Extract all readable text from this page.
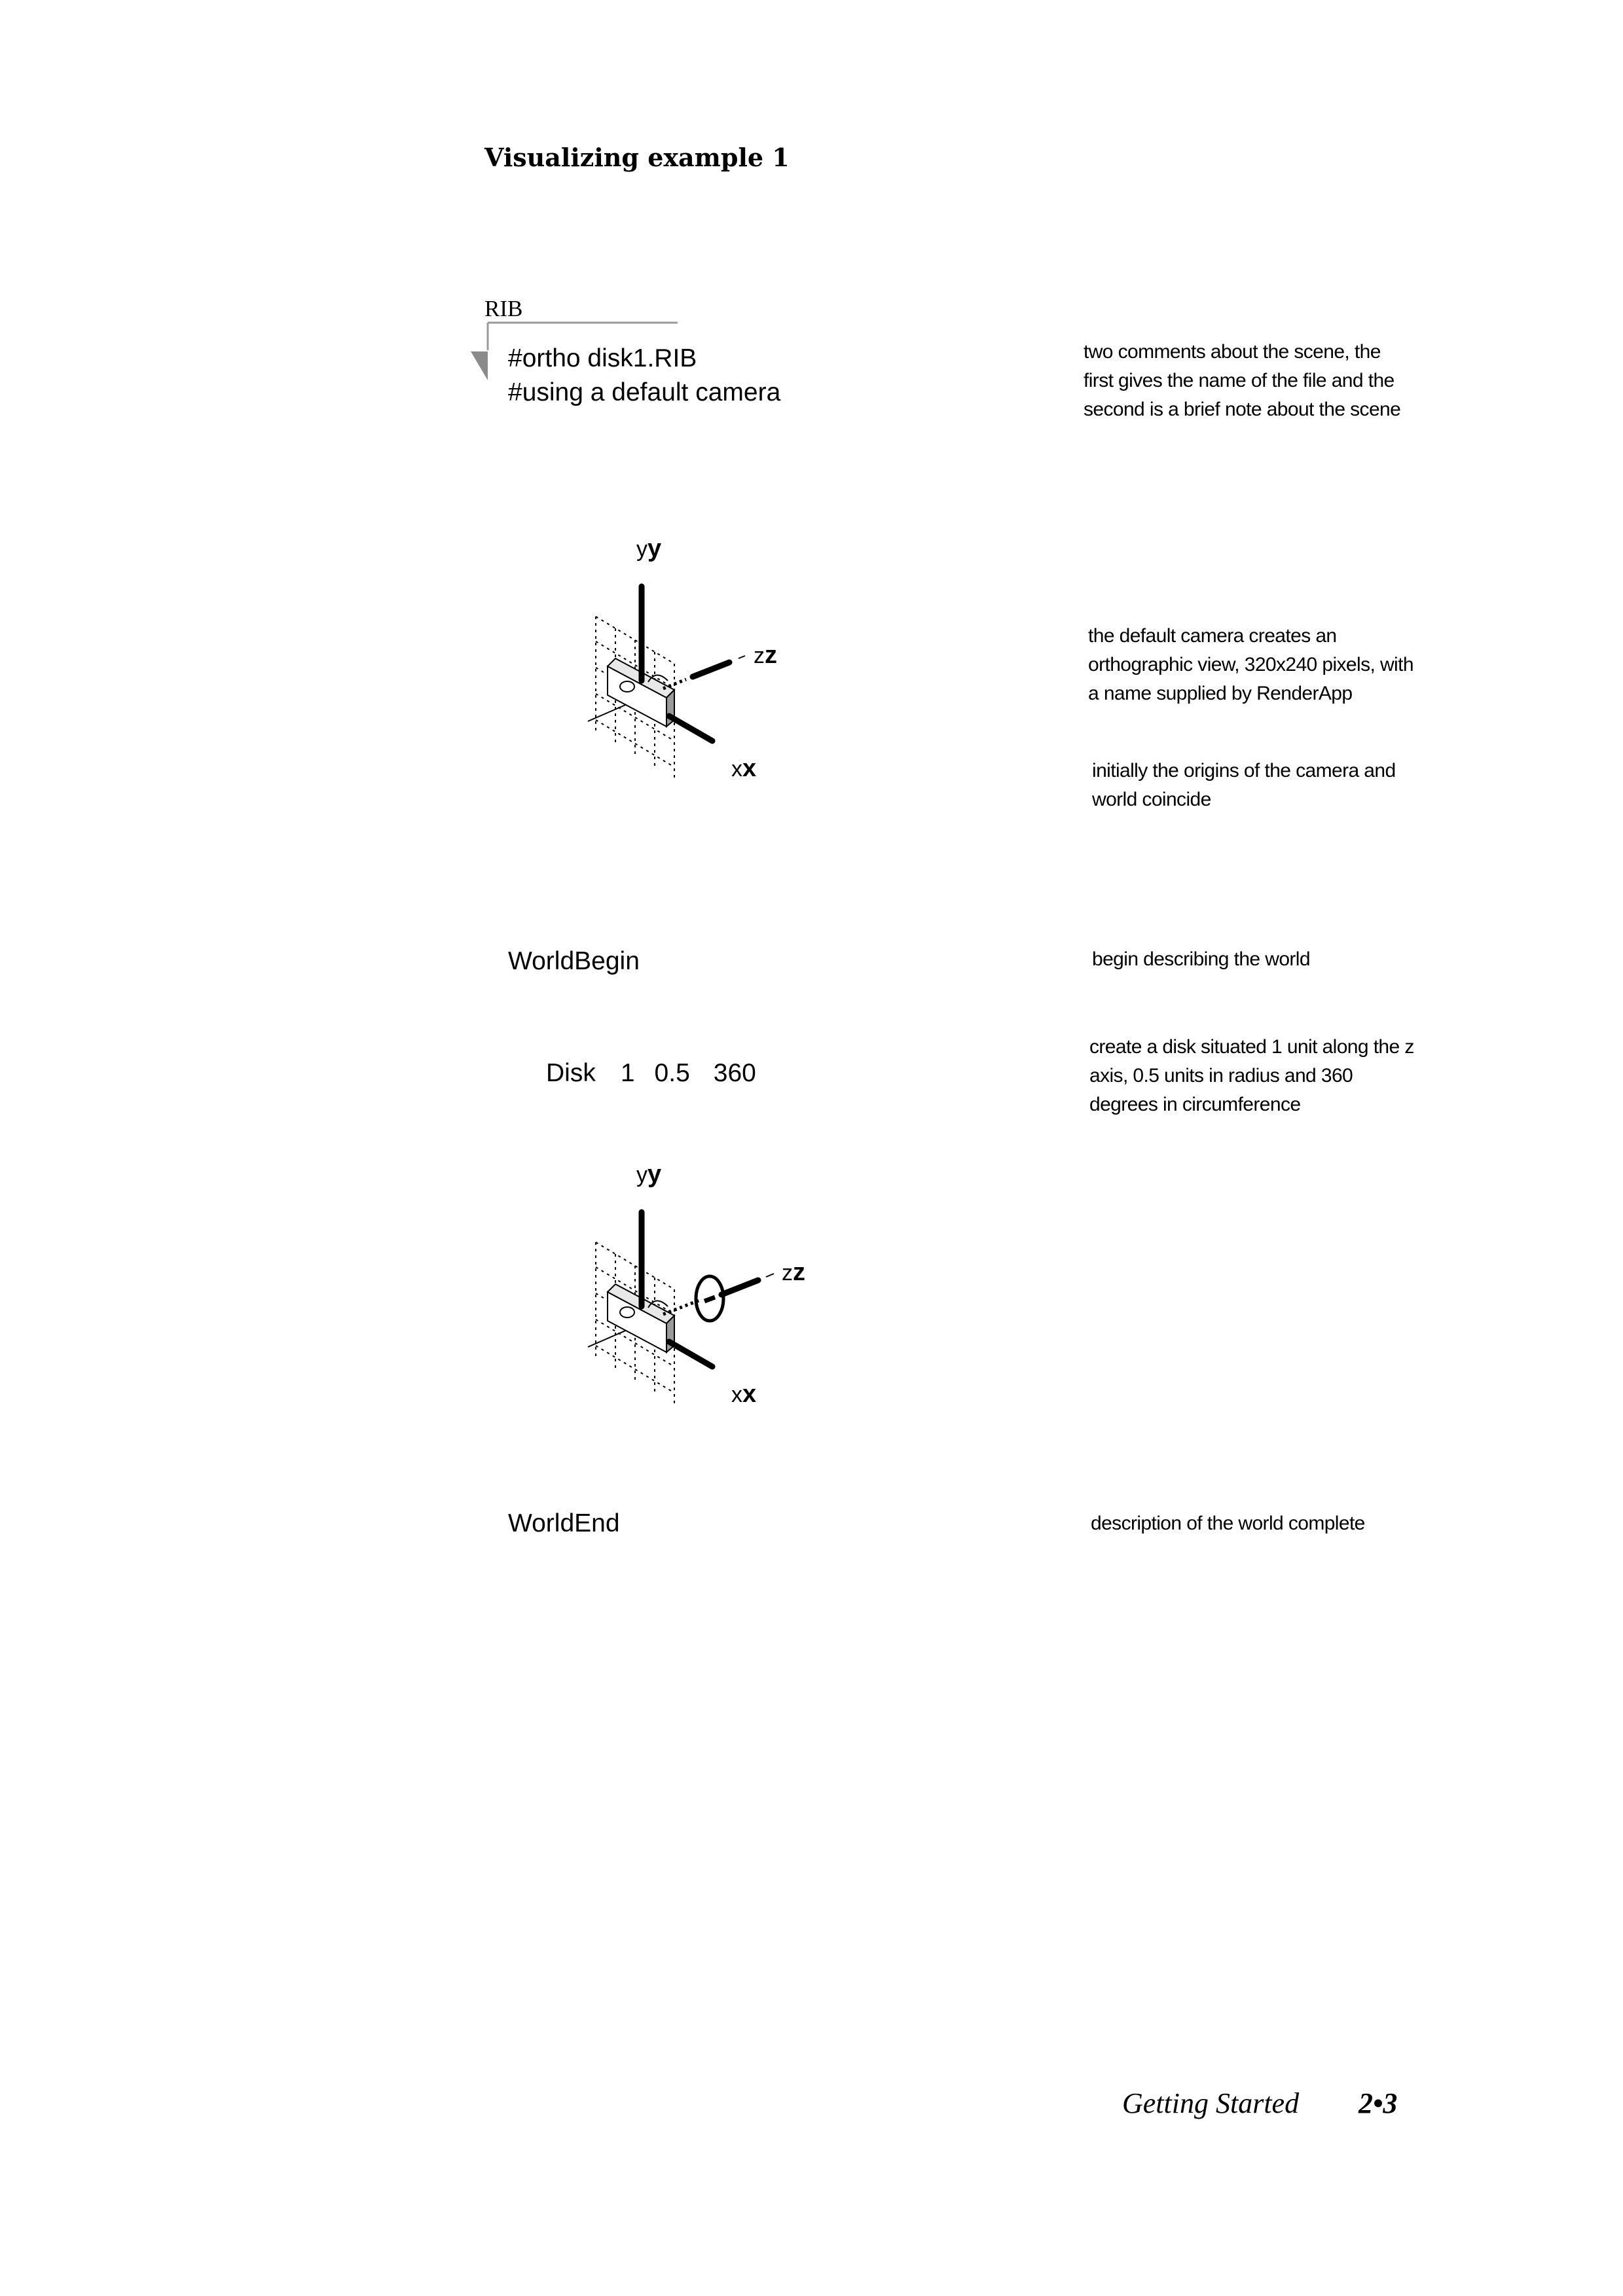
Visualizing example 1
RIB
#ortho disk1.RIB
#using a default camera
two comments about the scene, the first gives the name of the file and the second is a brief note about the scene
the default camera creates an orthographic view, 320x240 pixels, with a name supplied by RenderApp
initially the origins of the camera and world coincide
begin describing the world
create a disk situated 1 unit along the z axis, 0.5 units in radius and 360 degrees in circumference
description of the world complete
WorldBegin
Disk 1 0.5 360
WorldEnd
yy
zz
xx
yy
zz
xx
Getting Started 2•3
